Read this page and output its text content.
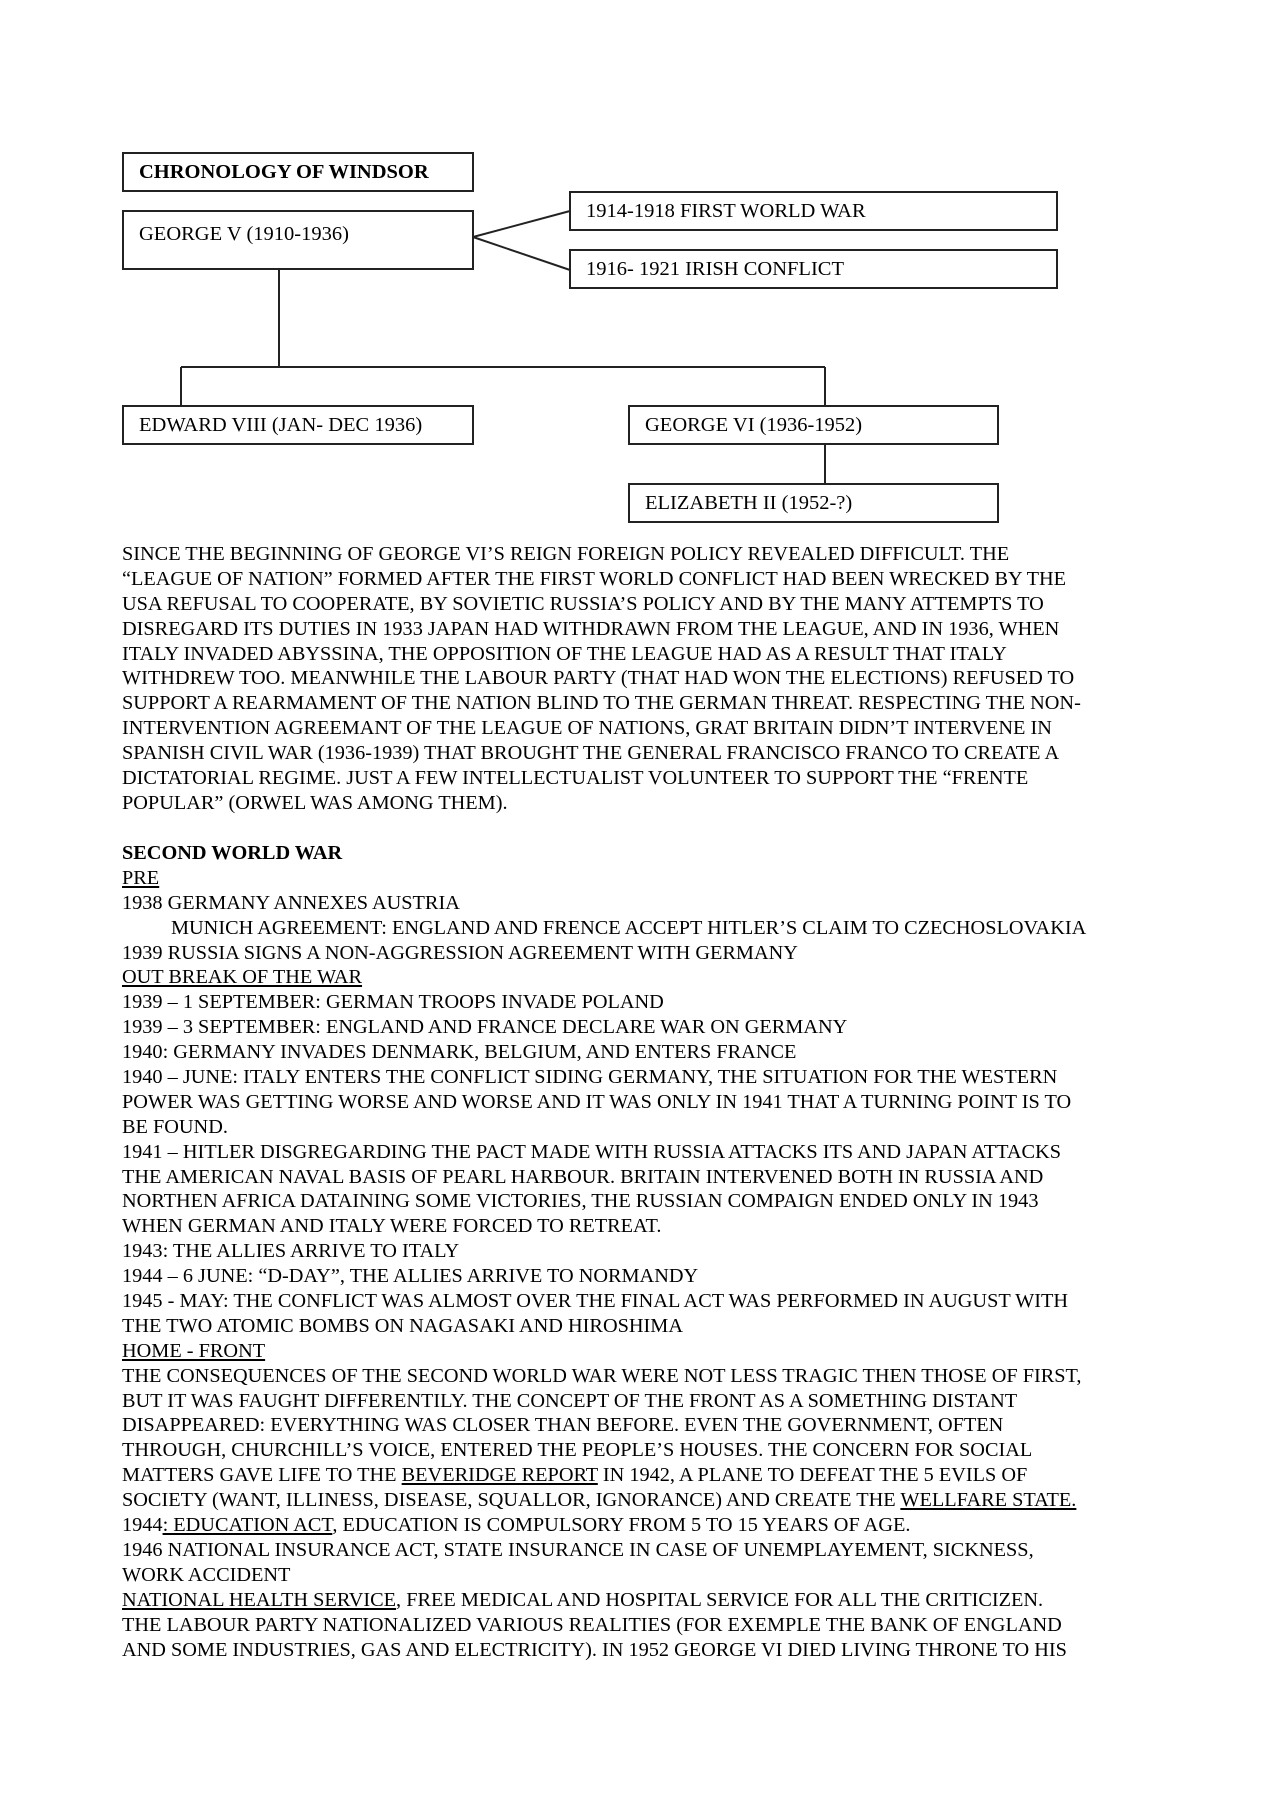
CHRONOLOGY OF WINDSOR
GEORGE V (1910-1936)
1914-1918 FIRST WORLD WAR
1916- 1921 IRISH CONFLICT
EDWARD VIII (JAN- DEC 1936)	GEORGE VI (1936-1952)
ELIZABETH II (1952-?)
SINCE THE BEGINNING OF GEORGE VI’S REIGN FOREIGN POLICY REVEALED DIFFICULT. THE
“LEAGUE OF NATION” FORMED AFTER THE FIRST WORLD CONFLICT HAD BEEN WRECKED BY THE
USA REFUSAL TO COOPERATE, BY SOVIETIC RUSSIA’S POLICY AND BY THE MANY ATTEMPTS TO
DISREGARD ITS DUTIES IN 1933 JAPAN HAD WITHDRAWN FROM THE LEAGUE, AND IN 1936, WHEN
ITALY INVADED ABYSSINA, THE OPPOSITION OF THE LEAGUE HAD AS A RESULT THAT ITALY
WITHDREW TOO. MEANWHILE THE LABOUR PARTY (THAT HAD WON THE ELECTIONS) REFUSED TO
SUPPORT A REARMAMENT OF THE NATION BLIND TO THE GERMAN THREAT. RESPECTING THE NON-
INTERVENTION AGREEMANT OF THE LEAGUE OF NATIONS, GRAT BRITAIN DIDN’T INTERVENE IN
SPANISH CIVIL WAR (1936-1939) THAT BROUGHT THE GENERAL FRANCISCO FRANCO TO CREATE A
DICTATORIAL REGIME. JUST A FEW INTELLECTUALIST VOLUNTEER TO SUPPORT THE “FRENTE
POPULAR” (ORWEL WAS AMONG THEM).
SECOND WORLD WAR
PRE
1938 GERMANY ANNEXES AUSTRIA
MUNICH AGREEMENT: ENGLAND AND FRENCE ACCEPT HITLER’S CLAIM TO CZECHOSLOVAKIA
1939 RUSSIA SIGNS A NON-AGGRESSION AGREEMENT WITH GERMANY
OUT BREAK OF THE WAR
1939 – 1 SEPTEMBER: GERMAN TROOPS INVADE POLAND
1939 – 3 SEPTEMBER: ENGLAND AND FRANCE DECLARE WAR ON GERMANY
1940: GERMANY INVADES DENMARK, BELGIUM, AND ENTERS FRANCE
1940 – JUNE: ITALY ENTERS THE CONFLICT SIDING GERMANY, THE SITUATION FOR THE WESTERN
POWER WAS GETTING WORSE AND WORSE AND IT WAS ONLY IN 1941 THAT A TURNING POINT IS TO
BE FOUND.
1941 – HITLER DISGREGARDING THE PACT MADE WITH RUSSIA ATTACKS ITS AND JAPAN ATTACKS
THE AMERICAN NAVAL BASIS OF PEARL HARBOUR. BRITAIN INTERVENED BOTH IN RUSSIA AND
NORTHEN AFRICA DATAINING SOME VICTORIES, THE RUSSIAN COMPAIGN ENDED ONLY IN 1943
WHEN GERMAN AND ITALY WERE FORCED TO RETREAT.
1943: THE ALLIES ARRIVE TO ITALY
1944 – 6 JUNE: “D-DAY”, THE ALLIES ARRIVE TO NORMANDY
1945 - MAY: THE CONFLICT WAS ALMOST OVER THE FINAL ACT WAS PERFORMED IN AUGUST WITH
THE TWO ATOMIC BOMBS ON NAGASAKI AND HIROSHIMA
HOME - FRONT
THE CONSEQUENCES OF THE SECOND WORLD WAR WERE NOT LESS TRAGIC THEN THOSE OF FIRST,
BUT IT WAS FAUGHT DIFFERENTILY. THE CONCEPT OF THE FRONT AS A SOMETHING DISTANT
DISAPPEARED: EVERYTHING WAS CLOSER THAN BEFORE. EVEN THE GOVERNMENT, OFTEN
THROUGH, CHURCHILL’S VOICE, ENTERED THE PEOPLE’S HOUSES. THE CONCERN FOR SOCIAL
MATTERS GAVE LIFE TO THE BEVERIDGE REPORT IN 1942, A PLANE TO DEFEAT THE 5 EVILS OF
SOCIETY (WANT, ILLINESS, DISEASE, SQUALLOR, IGNORANCE) AND CREATE THE WELLFARE STATE.
1944: EDUCATION ACT, EDUCATION IS COMPULSORY FROM 5 TO 15 YEARS OF AGE.
1946 NATIONAL INSURANCE ACT, STATE INSURANCE IN CASE OF UNEMPLAYEMENT, SICKNESS,
WORK ACCIDENT
NATIONAL HEALTH SERVICE, FREE MEDICAL AND HOSPITAL SERVICE FOR ALL THE CRITICIZEN.
THE LABOUR PARTY NATIONALIZED VARIOUS REALITIES (FOR EXEMPLE THE BANK OF ENGLAND
AND SOME INDUSTRIES, GAS AND ELECTRICITY). IN 1952 GEORGE VI DIED LIVING THRONE TO HIS
